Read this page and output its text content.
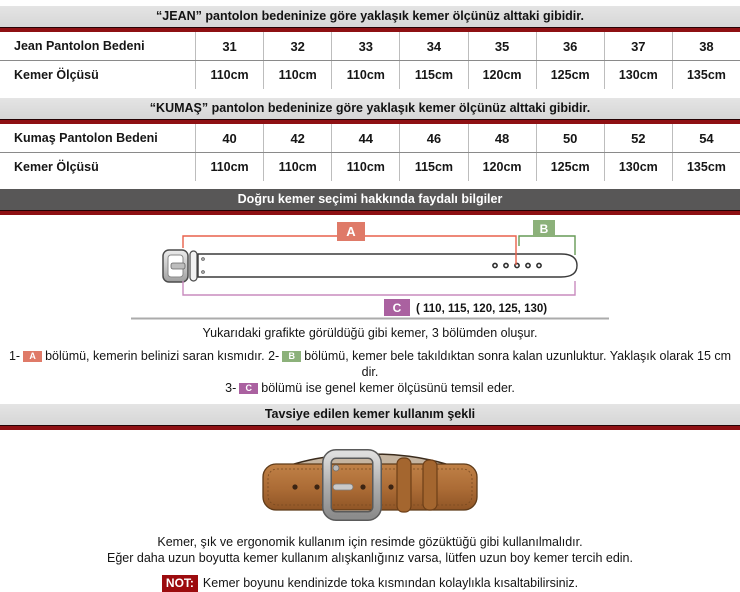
“JEAN” pantolon bedeninize göre yaklaşık kemer ölçünüz alttaki gibidir.
Jean Pantolon Bedeni	31	32	33	34	35	36	37	38
Kemer Ölçüsü	110cm	110cm	110cm	115cm	120cm	125cm	130cm	135cm
“KUMAŞ” pantolon bedeninize göre yaklaşık kemer ölçünüz alttaki gibidir.
Kumaş Pantolon Bedeni	40	42	44	46	48	50	52	54
Kemer Ölçüsü	110cm	110cm	110cm	115cm	120cm	125cm	130cm	135cm
Doğru kemer seçimi hakkında faydalı bilgiler
A	B
C ( 110, 115, 120, 125, 130)

Yukarıdaki grafikte görüldüğü gibi kemer, 3 bölümden oluşur.

1- A bölümü, kemerin belinizi saran kısmıdır. 2- B bölümü, kemer bele takıldıktan sonra kalan uzunluktur. Yaklaşık olarak 15 cm dir.

3- C bölümü ise genel kemer ölçüsünü temsil eder.

Tavsiye edilen kemer kullanım şekli

Kemer, şık ve ergonomik kullanım için resimde gözüktüğü gibi kullanılmalıdır.

Eğer daha uzun boyutta kemer kullanım alışkanlığınız varsa, lütfen uzun boy kemer tercih edin.

NOT: Kemer boyunu kendinizde toka kısmından kolaylıkla kısaltabilirsiniz.
